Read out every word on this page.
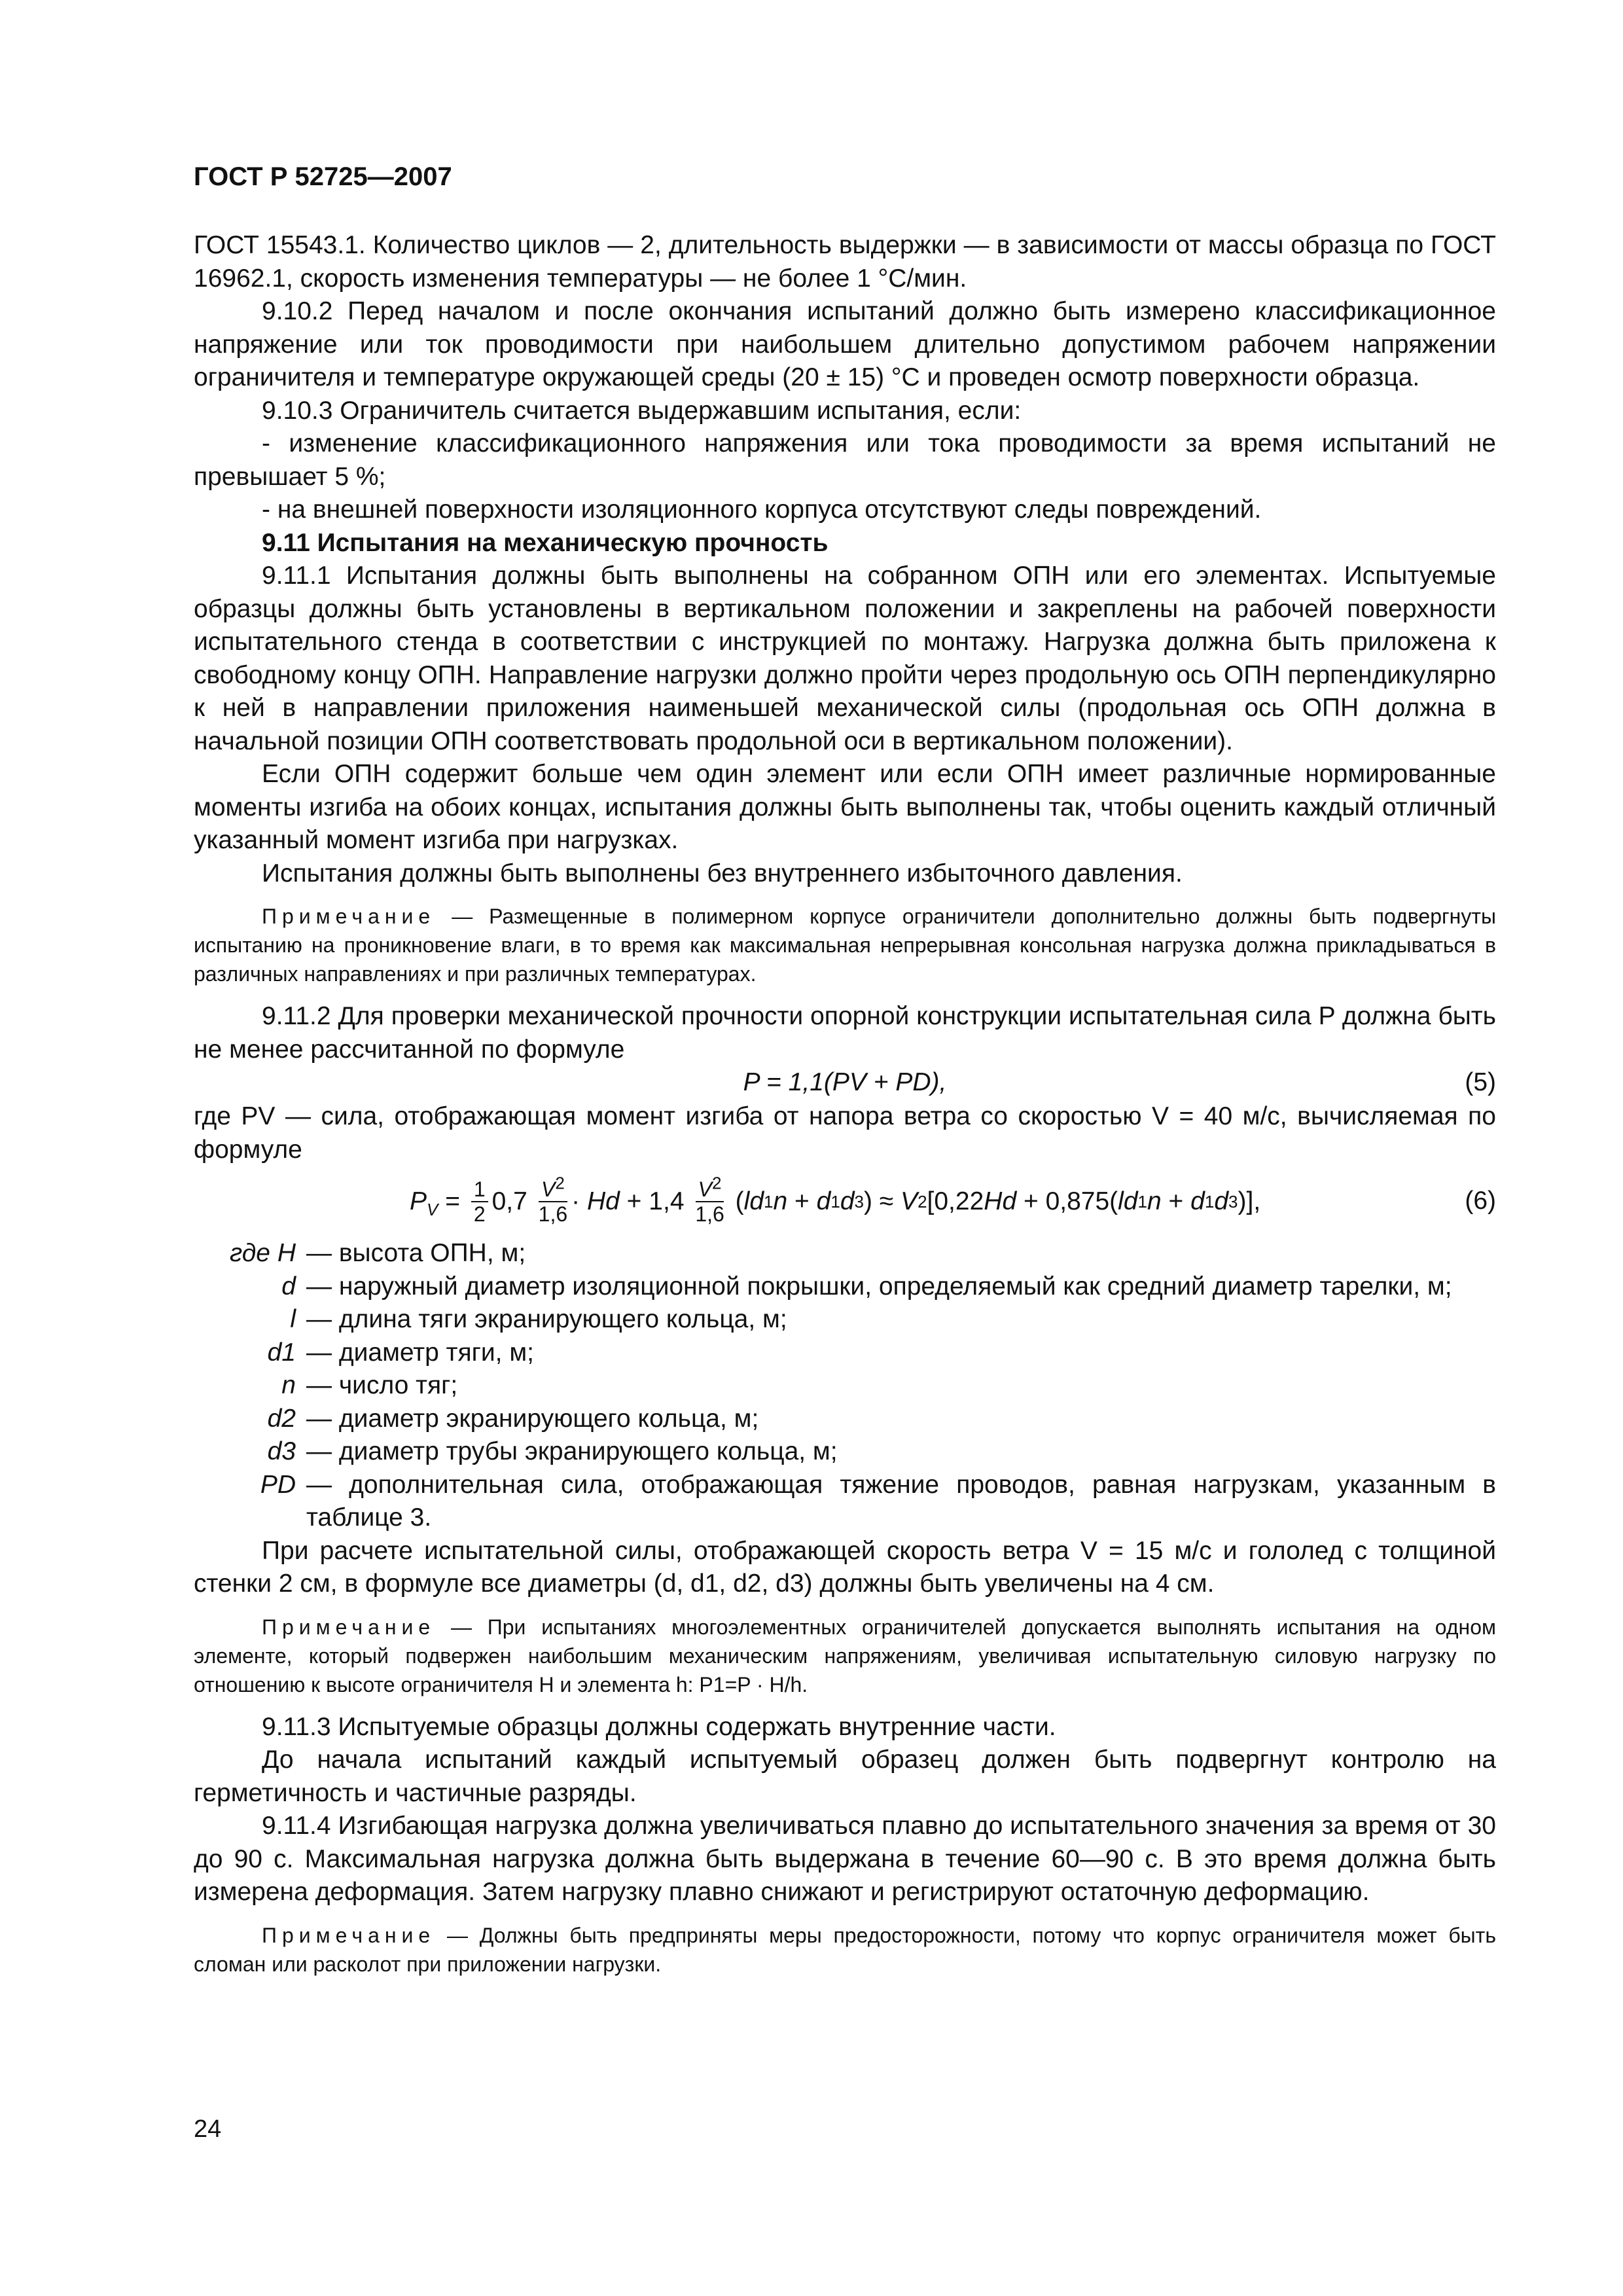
ГОСТ Р 52725—2007

ГОСТ 15543.1. Количество циклов — 2, длительность выдержки — в зависимости от массы образца по ГОСТ 16962.1, скорость изменения температуры — не более 1 °С/мин.

9.10.2 Перед началом и после окончания испытаний должно быть измерено классификационное напряжение или ток проводимости при наибольшем длительно допустимом рабочем напряжении ограничителя и температуре окружающей среды (20 ± 15) °С и проведен осмотр поверхности образца.

9.10.3 Ограничитель считается выдержавшим испытания, если:

- изменение классификационного напряжения или тока проводимости за время испытаний не превышает 5 %;

- на внешней поверхности изоляционного корпуса отсутствуют следы повреждений.

9.11 Испытания на механическую прочность

9.11.1 Испытания должны быть выполнены на собранном ОПН или его элементах. Испытуемые образцы должны быть установлены в вертикальном положении и закреплены на рабочей поверхности испытательного стенда в соответствии с инструкцией по монтажу. Нагрузка должна быть приложена к свободному концу ОПН. Направление нагрузки должно пройти через продольную ось ОПН перпендикулярно к ней в направлении приложения наименьшей механической силы (продольная ось ОПН должна в начальной позиции ОПН соответствовать продольной оси в вертикальном положении).

Если ОПН содержит больше чем один элемент или если ОПН имеет различные нормированные моменты изгиба на обоих концах, испытания должны быть выполнены так, чтобы оценить каждый отличный указанный момент изгиба при нагрузках.

Испытания должны быть выполнены без внутреннего избыточного давления.

Примечание — Размещенные в полимерном корпусе ограничители дополнительно должны быть подвергнуты испытанию на проникновение влаги, в то время как максимальная непрерывная консольная нагрузка должна прикладываться в различных направлениях и при различных температурах.

9.11.2 Для проверки механической прочности опорной конструкции испытательная сила P должна быть не менее рассчитанной по формуле

P = 1,1(PV + PD),	(5)

где PV — сила, отображающая момент изгиба от напора ветра со скоростью V = 40 м/с, вычисляемая по формуле

$P_V = \frac{1}{2} 0,7 \frac{V^2}{1,6} \cdot Hd + 1,4 \frac{V^2}{1,6}$ ( ld 1 n + d 1 d 3 ) ≈ V 2 [0,22 Hd + 0,875( ld 1 n + d 1 d 3 )],	(6)
где H — высота ОПН, м;
d — наружный диаметр изоляционной покрышки, определяемый как средний диаметр тарелки, м;
l — длина тяги экранирующего кольца, м;
d1 — диаметр тяги, м;
n — число тяг;
d2 — диаметр экранирующего кольца, м;
d3 — диаметр трубы экранирующего кольца, м;
PD — дополнительная сила, отображающая тяжение проводов, равная нагрузкам, указанным в таблице 3.

При расчете испытательной силы, отображающей скорость ветра V = 15 м/с и гололед с толщиной стенки 2 см, в формуле все диаметры (d, d1, d2, d3) должны быть увеличены на 4 см.

Примечание — При испытаниях многоэлементных ограничителей допускается выполнять испытания на одном элементе, который подвержен наибольшим механическим напряжениям, увеличивая испытательную силовую нагрузку по отношению к высоте ограничителя H и элемента h: P1=P · H/h.

9.11.3 Испытуемые образцы должны содержать внутренние части.

До начала испытаний каждый испытуемый образец должен быть подвергнут контролю на герметичность и частичные разряды.

9.11.4 Изгибающая нагрузка должна увеличиваться плавно до испытательного значения за время от 30 до 90 с. Максимальная нагрузка должна быть выдержана в течение 60—90 с. В это время должна быть измерена деформация. Затем нагрузку плавно снижают и регистрируют остаточную деформацию.

Примечание — Должны быть предприняты меры предосторожности, потому что корпус ограничителя может быть сломан или расколот при приложении нагрузки.

24
